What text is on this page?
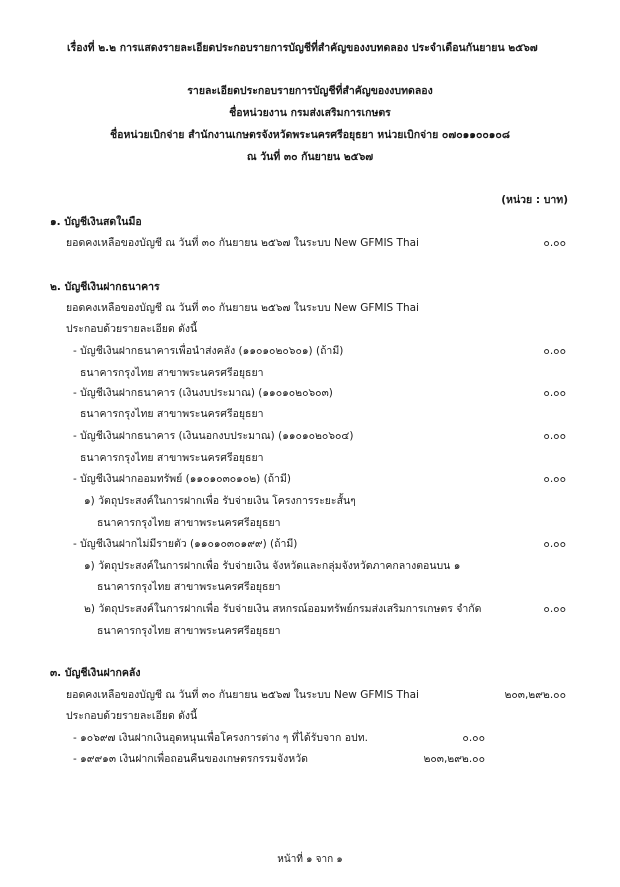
เรื่องที่ ๒.๒ การแสดงรายละเอียดประกอบรายการบัญชีที่สำคัญของงบทดลอง ประจำเดือนกันยายน ๒๕๖๗
รายละเอียดประกอบรายการบัญชีที่สำคัญของงบทดลอง
ชื่อหน่วยงาน กรมส่งเสริมการเกษตร
ชื่อหน่วยเบิกจ่าย สำนักงานเกษตรจังหวัดพระนครศรีอยุธยา หน่วยเบิกจ่าย ๐๗๐๑๑๐๐๑๐๘
ณ วันที่ ๓๐ กันยายน ๒๕๖๗
(หน่วย : บาท)
๑. บัญชีเงินสดในมือ
ยอดคงเหลือของบัญชี ณ วันที่ ๓๐ กันยายน ๒๕๖๗ ในระบบ New GFMIS Thai	๐.๐๐
๒. บัญชีเงินฝากธนาคาร
ยอดคงเหลือของบัญชี ณ วันที่ ๓๐ กันยายน ๒๕๖๗ ในระบบ New GFMIS Thai
ประกอบด้วยรายละเอียด ดังนี้
- บัญชีเงินฝากธนาคารเพื่อนำส่งคลัง (๑๑๐๑๐๒๐๖๐๑) (ถ้ามี)	๐.๐๐
ธนาคารกรุงไทย สาขาพระนครศรีอยุธยา
- บัญชีเงินฝากธนาคาร (เงินงบประมาณ) (๑๑๐๑๐๒๐๖๐๓)	๐.๐๐
ธนาคารกรุงไทย สาขาพระนครศรีอยุธยา
- บัญชีเงินฝากธนาคาร (เงินนอกงบประมาณ) (๑๑๐๑๐๒๐๖๐๔)	๐.๐๐
ธนาคารกรุงไทย สาขาพระนครศรีอยุธยา
- บัญชีเงินฝากออมทรัพย์ (๑๑๐๑๐๓๐๑๐๒) (ถ้ามี)	๐.๐๐
๑) วัตถุประสงค์ในการฝากเพื่อ รับจ่ายเงิน โครงการระยะสั้นๆ
ธนาคารกรุงไทย สาขาพระนครศรีอยุธยา
- บัญชีเงินฝากไม่มีรายตัว (๑๑๐๑๐๓๐๑๙๙) (ถ้ามี)	๐.๐๐
๑) วัตถุประสงค์ในการฝากเพื่อ รับจ่ายเงิน จังหวัดและกลุ่มจังหวัดภาคกลางตอนบน ๑
ธนาคารกรุงไทย สาขาพระนครศรีอยุธยา
๒) วัตถุประสงค์ในการฝากเพื่อ รับจ่ายเงิน สหกรณ์ออมทรัพย์กรมส่งเสริมการเกษตร จำกัด	๐.๐๐
ธนาคารกรุงไทย สาขาพระนครศรีอยุธยา
๓. บัญชีเงินฝากคลัง
ยอดคงเหลือของบัญชี ณ วันที่ ๓๐ กันยายน ๒๕๖๗ ในระบบ New GFMIS Thai	๒๐๓,๒๙๒.๐๐
ประกอบด้วยรายละเอียด ดังนี้
- ๑๐๖๙๗ เงินฝากเงินอุดหนุนเพื่อโครงการต่าง ๆ ที่ได้รับจาก อปท.	๐.๐๐
- ๑๙๙๑๓ เงินฝากเพื่อถอนคืนของเกษตรกรรมจังหวัด	๒๐๓,๒๙๒.๐๐
หน้าที่ ๑ จาก ๑
